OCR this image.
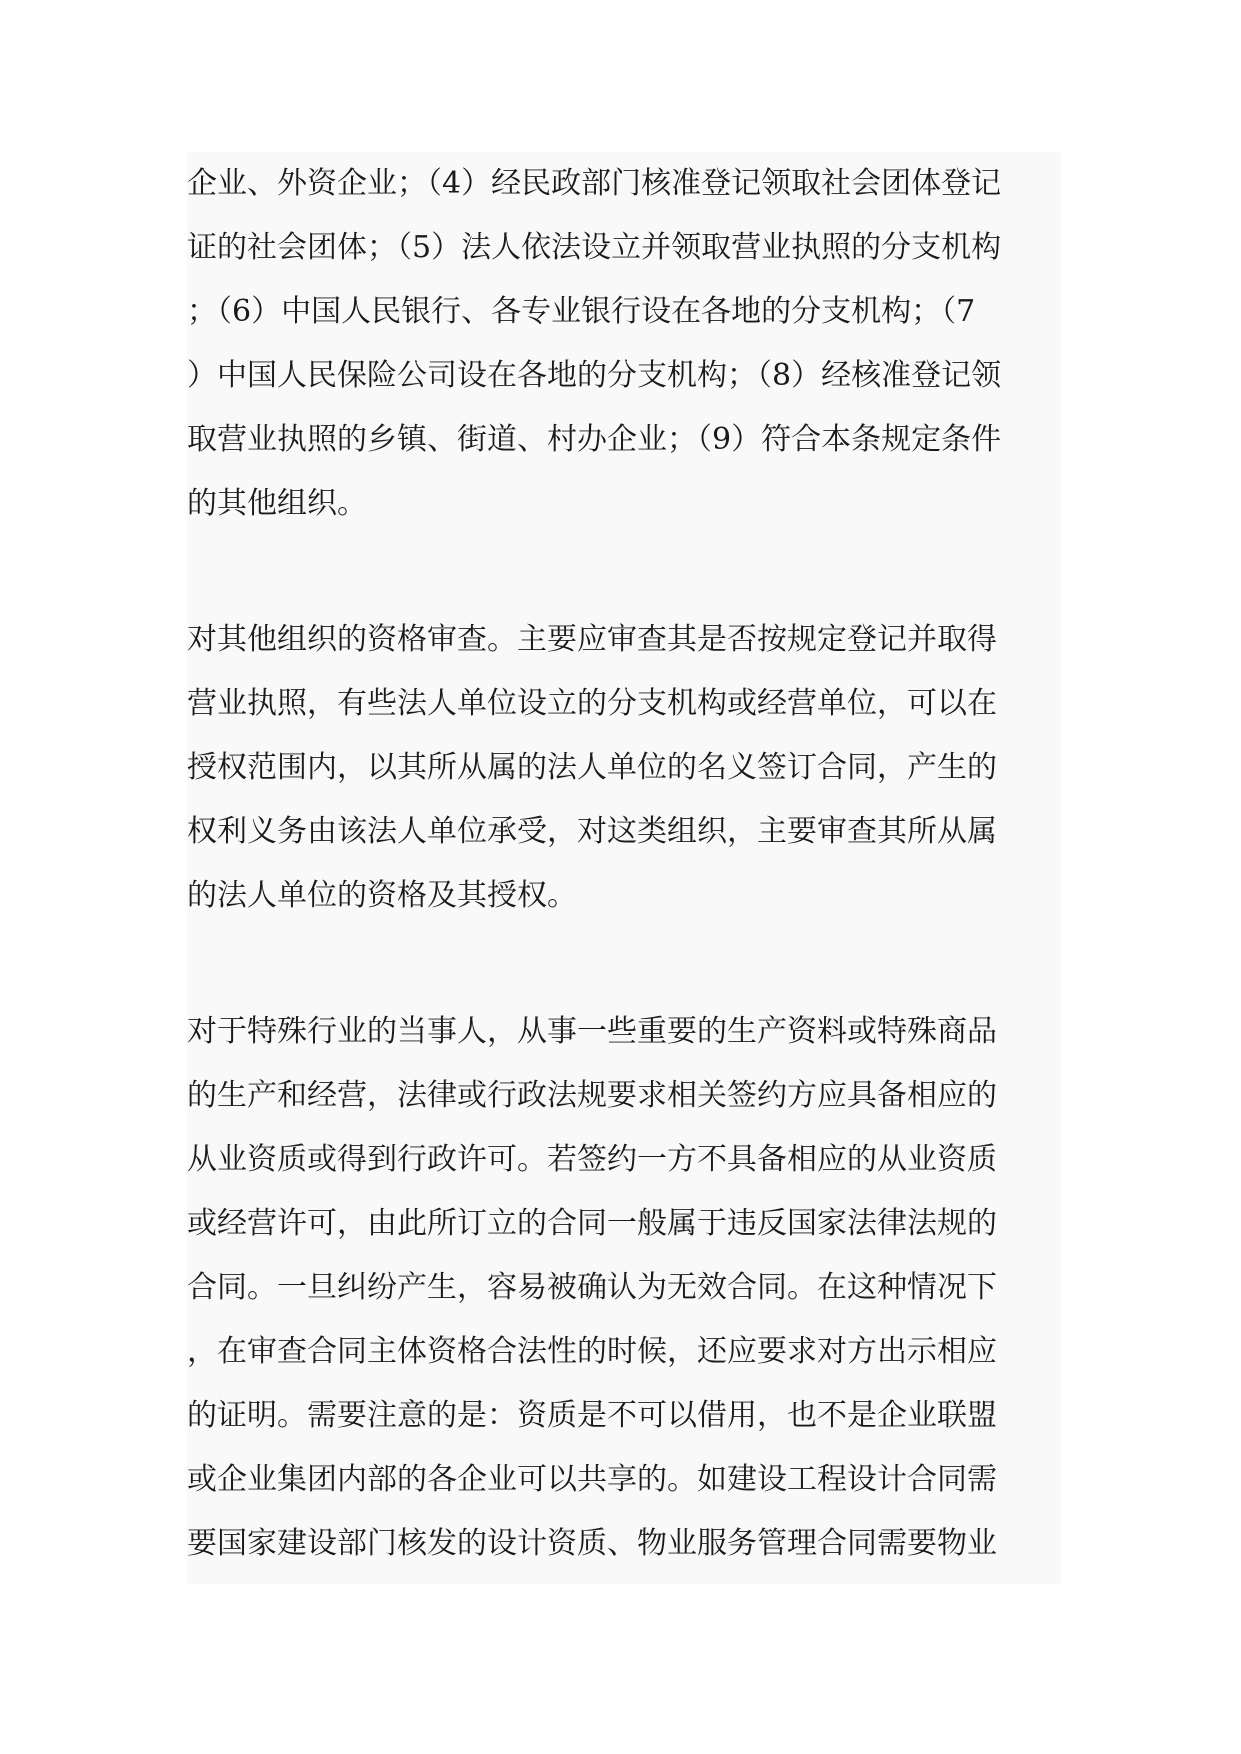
企业、外资企业；（4）经民政部门核准登记领取社会团体登记
证的社会团体；（5）法人依法设立并领取营业执照的分支机构
；（6）中国人民银行、各专业银行设在各地的分支机构；（7
）中国人民保险公司设在各地的分支机构；（8）经核准登记领
取营业执照的乡镇、街道、村办企业；（9）符合本条规定条件
的其他组织。
对其他组织的资格审查。主要应审查其是否按规定登记并取得
营业执照，有些法人单位设立的分支机构或经营单位，可以在
授权范围内，以其所从属的法人单位的名义签订合同，产生的
权利义务由该法人单位承受，对这类组织，主要审查其所从属
的法人单位的资格及其授权。
对于特殊行业的当事人，从事一些重要的生产资料或特殊商品
的生产和经营，法律或行政法规要求相关签约方应具备相应的
从业资质或得到行政许可。若签约一方不具备相应的从业资质
或经营许可，由此所订立的合同一般属于违反国家法律法规的
合同。一旦纠纷产生，容易被确认为无效合同。在这种情况下
，在审查合同主体资格合法性的时候，还应要求对方出示相应
的证明。需要注意的是：资质是不可以借用，也不是企业联盟
或企业集团内部的各企业可以共享的。如建设工程设计合同需
要国家建设部门核发的设计资质、物业服务管理合同需要物业
